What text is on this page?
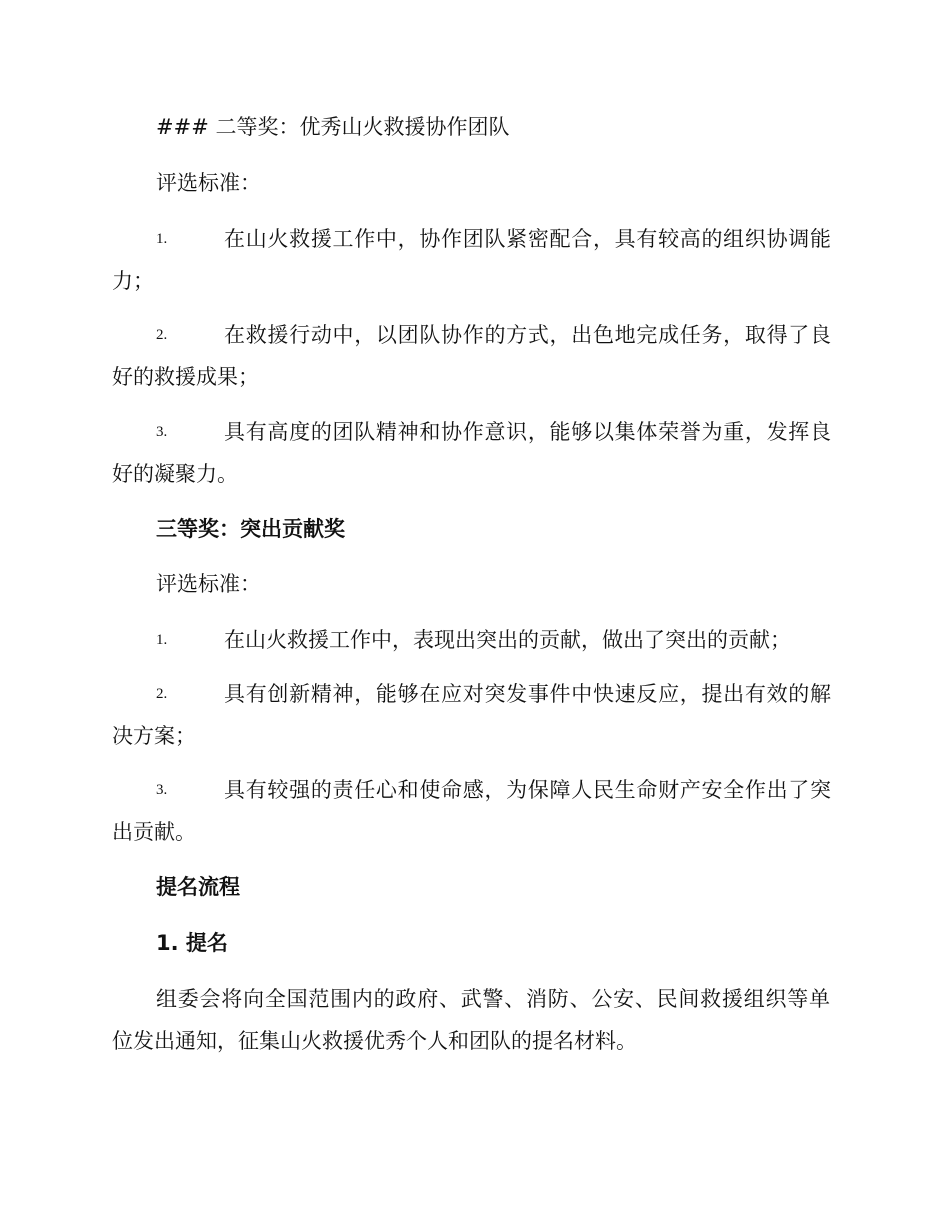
### 二等奖：优秀山火救援协作团队
评选标准：
1.	在山火救援工作中，协作团队紧密配合，具有较高的组织协调能
力；
2.	在救援行动中，以团队协作的方式，出色地完成任务，取得了良
好的救援成果；
3.	具有高度的团队精神和协作意识，能够以集体荣誉为重，发挥良
好的凝聚力。
三等奖：突出贡献奖
评选标准：
1.	在山火救援工作中，表现出突出的贡献，做出了突出的贡献；
2.	具有创新精神，能够在应对突发事件中快速反应，提出有效的解
决方案；
3.	具有较强的责任心和使命感，为保障人民生命财产安全作出了突
出贡献。
提名流程
1. 提名
组委会将向全国范围内的政府、武警、消防、公安、民间救援组织等单
位发出通知，征集山火救援优秀个人和团队的提名材料。
